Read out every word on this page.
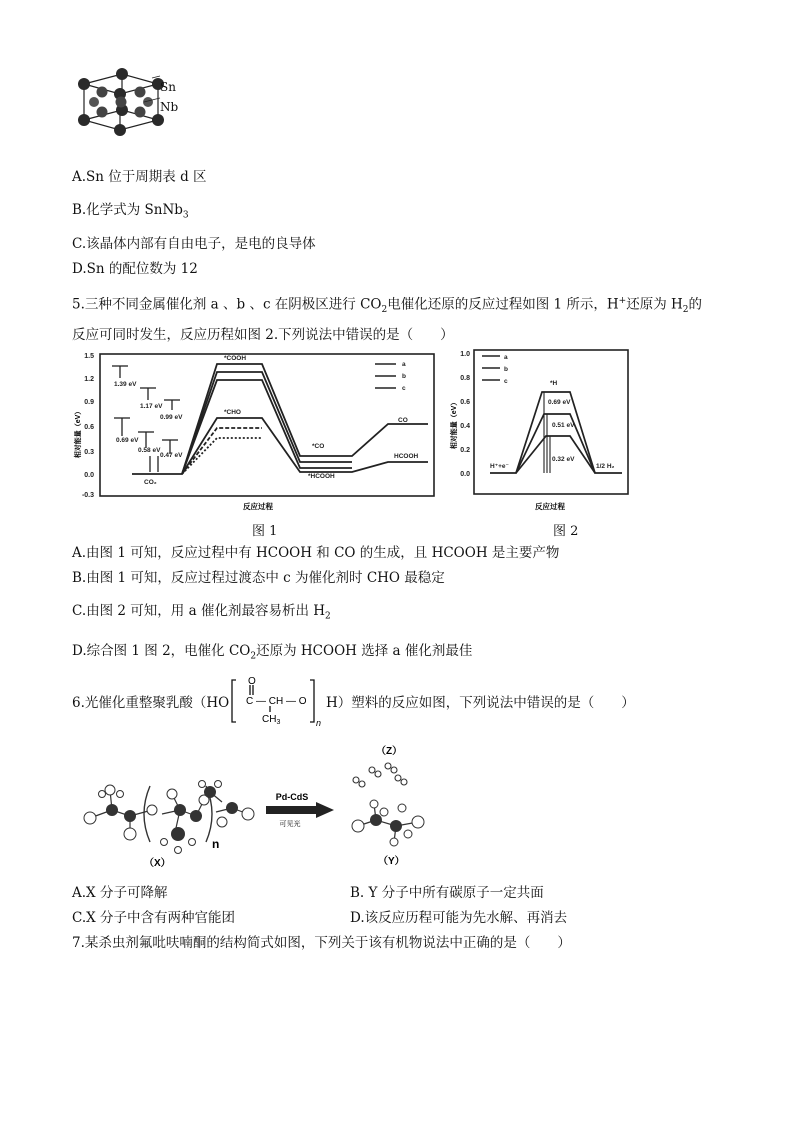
Sn
Nb
A.Sn 位于周期表 d 区
B.化学式为 SnNb$_3$
C.该晶体内部有自由电子，是电的良导体
D.Sn 的配位数为 12
5.三种不同金属催化剂 a 、b 、c 在阴极区进行 $CO_2$电催化还原的反应过程如图 1 所示，H+还原为 $H_2$的
反应可同时发生，反应历程如图 2.下列说法中错误的是（　　）
1.5
1.2
0.9
0.6
0.3
0.0
-0.3
相对能量（eV）
1.39 eV
1.17 eV
0.99 eV
0.69 eV
0.58 eV
0.47 eV
CO₂
*COOH
*CHO
*CO
*HCOOH
CO
HCOOH
a
b
c
反应过程
图 1
1.0
0.8
0.6
0.4
0.2
0.0
相对能量（eV）
a
b
c	*H
0.69 eV
0.51 eV
0.32 eV
H⁺+e⁻	1/2 H₂
反应过程
图 2
A.由图 1 可知，反应过程中有 HCOOH 和 CO 的生成，且 HCOOH 是主要产物
B.由图 1 可知，反应过程过渡态中 c 为催化剂时 CHO 最稳定
C.由图 2 可知，用 a 催化剂最容易析出 $H_2$
D.综合图 1 图 2，电催化 $CO_2$还原为 HCOOH 选择 a 催化剂最佳
6.光催化重整聚乳酸（HO
O
C — CH — O
$CH_3$	n
H）塑料的反应如图，下列说法中错误的是（　　）
n
（X）
Pd-CdS
可见光
（Z）
（Y）
A.X 分子可降解	B. Y 分子中所有碳原子一定共面
C.X 分子中含有两种官能团	D.该反应历程可能为先水解、再消去
7.某杀虫剂氟吡呋喃酮的结构简式如图，下列关于该有机物说法中正确的是（　　）
